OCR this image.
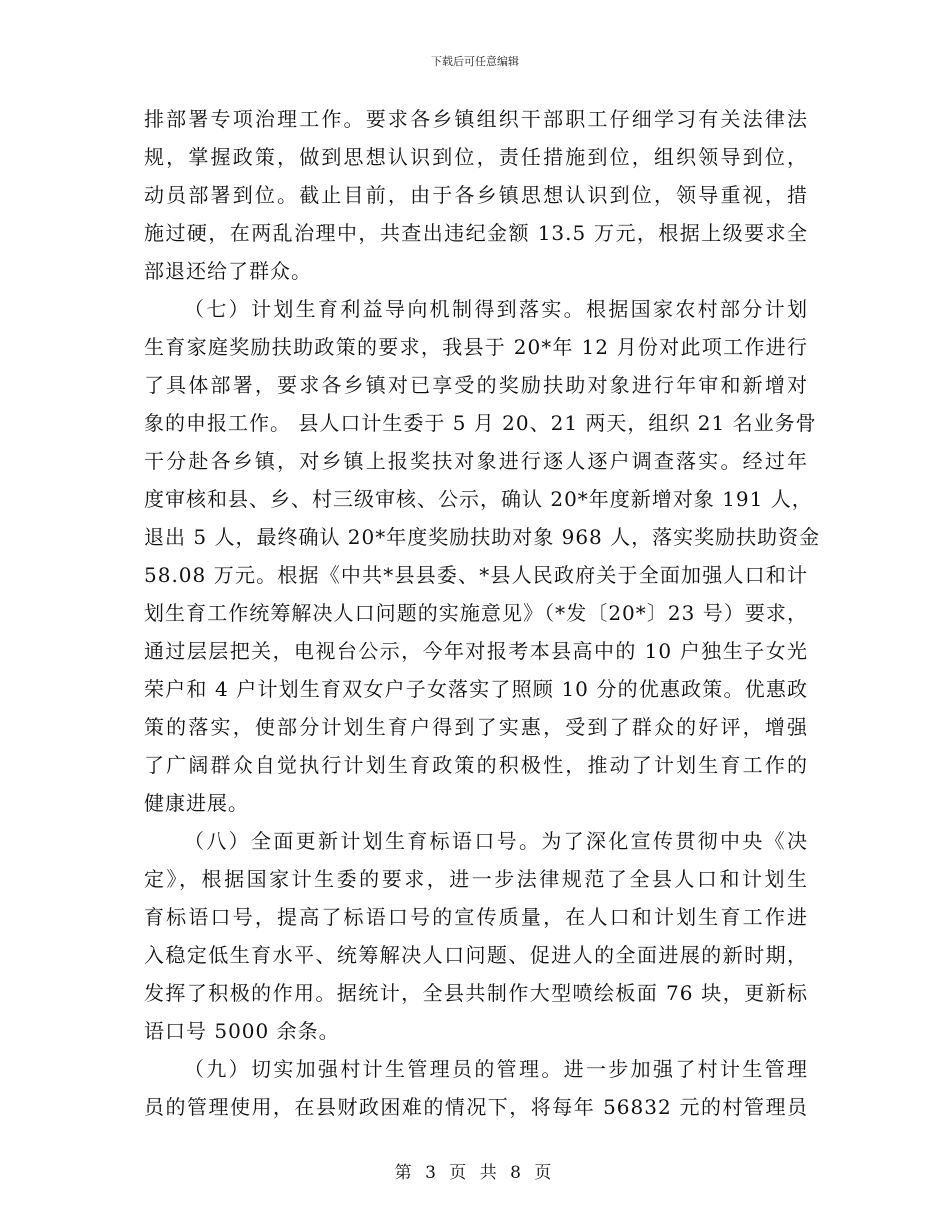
下载后可任意编辑
排部署专项治理工作。要求各乡镇组织干部职工仔细学习有关法律法
规，掌握政策，做到思想认识到位，责任措施到位，组织领导到位，
动员部署到位。截止目前，由于各乡镇思想认识到位，领导重视，措
施过硬，在两乱治理中，共查出违纪金额 13.5 万元，根据上级要求全
部退还给了群众。
（七）计划生育利益导向机制得到落实。根据国家农村部分计划
生育家庭奖励扶助政策的要求，我县于 20*年 12 月份对此项工作进行
了具体部署，要求各乡镇对已享受的奖励扶助对象进行年审和新增对
象的申报工作。 县人口计生委于 5 月 20、21 两天，组织 21 名业务骨
干分赴各乡镇，对乡镇上报奖扶对象进行逐人逐户调查落实。经过年
度审核和县、乡、村三级审核、公示，确认 20*年度新增对象 191 人，
退出 5 人，最终确认 20*年度奖励扶助对象 968 人，落实奖励扶助资金
58.08 万元。根据《中共*县县委、*县人民政府关于全面加强人口和计
划生育工作统筹解决人口问题的实施意见》（*发〔20*〕23 号）要求，
通过层层把关，电视台公示，今年对报考本县高中的 10 户独生子女光
荣户和 4 户计划生育双女户子女落实了照顾 10 分的优惠政策。优惠政
策的落实，使部分计划生育户得到了实惠，受到了群众的好评，增强
了广阔群众自觉执行计划生育政策的积极性，推动了计划生育工作的
健康进展。
（八）全面更新计划生育标语口号。为了深化宣传贯彻中央《决
定》，根据国家计生委的要求，进一步法律规范了全县人口和计划生
育标语口号，提高了标语口号的宣传质量，在人口和计划生育工作进
入稳定低生育水平、统筹解决人口问题、促进人的全面进展的新时期，
发挥了积极的作用。据统计，全县共制作大型喷绘板面 76 块，更新标
语口号 5000 余条。
（九）切实加强村计生管理员的管理。进一步加强了村计生管理
员的管理使用，在县财政困难的情况下，将每年 56832 元的村管理员
第 3 页 共 8 页
